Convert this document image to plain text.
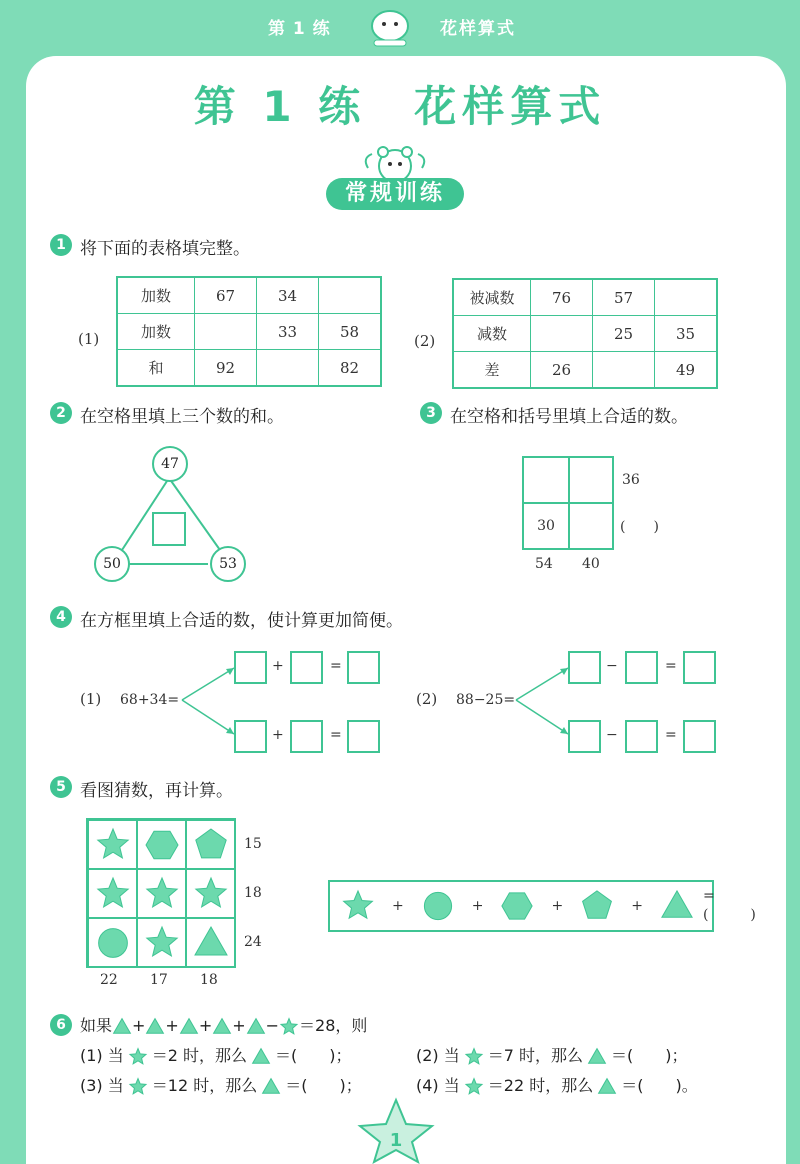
第 1 练	花样算式
第 1 练 花样算式
常规训练
1 将下面的表格填完整。
(1)
加数	67	34	
加数		33	58
和	92		82
(2)
被减数	76	57	
减数		25	35
差	26		49
2 在空格里填上三个数的和。
47
50	53
3 在空格和括号里填上合适的数。
30
36
(　　)
54 40
4 在方框里填上合适的数，使计算更加简便。
(1) 68+34=
+	=
+	=
(2) 88−25=
−	=
−	=
5 看图猜数，再计算。
15
18
24
22 17 18
+	+	+	+
=(　　　)
6 如果 + + + + − ＝28，则
(1) 当 ＝2 时，那么 ＝(　　)；	(2) 当 ＝7 时，那么 ＝(　　)；
(3) 当 ＝12 时，那么 ＝(　　)；	(4) 当 ＝22 时，那么 ＝(　　)。
1
